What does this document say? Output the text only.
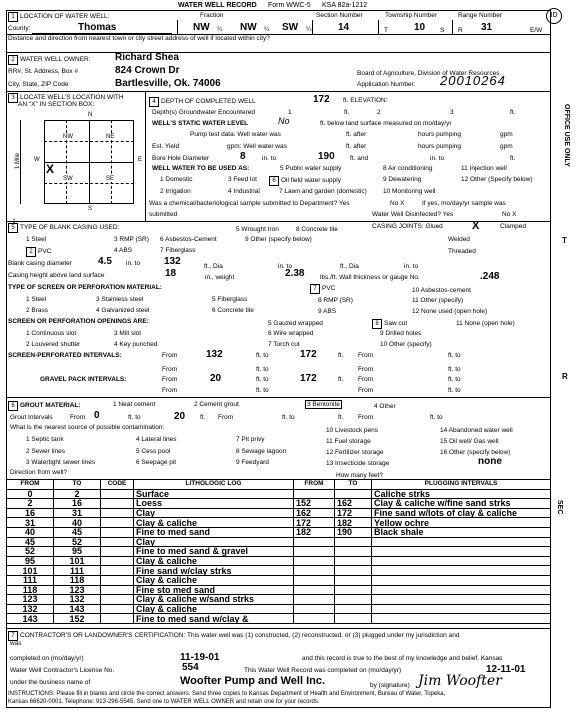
WATER WELL RECORD Form WWC-5 KSA 82a-1212
ID
1 LOCATION OF WATER WELL:	Fraction	Section Number	Township Number	Range Number
County:	Thomas	NW ¼ NW ¼ SW ¼	14	T	10 S R 31	E/W
Distance and direction from nearest town or city street address of well if located within city?
2 WATER WELL OWNER: Richard Shea
RR#, St. Address, Box #	824 Crown Dr
City, State, ZIP Code	Bartlesville, Ok. 74006
Board of Agriculture, Division of Water Resources
Application Number: 20010264
3 LOCATE WELL'S LOCATION WITH
AN "X" IN SECTION BOX:
N
S
W	E
NW	NE
SW	SE
X
1 Mile
↕
4 DEPTH OF COMPLETED WELL	172 ft. ELEVATION:
Depth(s) Groundwater Encountered	1	ft.	2	3	ft.
WELL'S STATIC WATER LEVEL	No	ft. below land surface measured on mo/day/yr
Pump test data: Well water was	ft. after	hours pumping	gpm
Est. Yield	gpm: Well water was	ft. after	hours pumping	gpm
Bore Hole Diameter	8	in. to	190 ft. and	in. to	ft.
WELL WATER TO BE USED AS:	5 Public water supply	8 Air conditioning	11 Injection well
1 Domestic	3 Feed lot	6 Oil field water supply	9 Dewatering	12 Other (Specify below)
2 Irrigation	4 Industrial	7 Lawn and garden (domestic) 10 Monitoring well
Was a chemical/bacteriological sample submitted to Department? Yes	No X	If yes, mo/day/yr sample was
submitted	Water Well Disinfected? Yes	No X
5 TYPE OF BLANK CASING USED:	CASING JOINTS: Glued	X	Clamped
5 Wrought Iron	8 Concrete tile
1 Steel	3 RMP (SR) 6 Asbestos-Cement	9 Other (specify below)	Welded
2 PVC	4 ABS	7 Fiberglass	Threaded
Blank casing diameter	4.5 in. to 132	ft., Dia	in. to	ft., Dia	in. to
Casing height above land surface	18	in., weight	2.38 lbs./ft. Wall thickness or gauge No.	.248
TYPE OF SCREEN OR PERFORATION MATERIAL:	7 PVC	10 Asbestos-cement
1 Steel	3 Stainless steel	5 Fiberglass	8 RMP (SR)	11 Other (specify)
2 Brass	4 Galvanized steel	6 Concrete tile	9 ABS	12 None used (open hole)
SCREEN OR PERFORATION OPENINGS ARE:	5 Gauzed wrapped	8 Saw cut	11 None (open hole)
1 Continuous slot	3 Mill slot	6 Wire wrapped	9 Drilled holes
2 Louvered shutter	4 Key punched	7 Torch cut	10 Other (specify)
SCREEN-PERFORATED INTERVALS:	From	132	ft. to	172	ft. From	ft. to
From	ft. to	From	ft. to
GRAVEL PACK INTERVALS:	From	20	ft. to	172	ft. From	ft. to
From	ft. to	From	ft. to
6 GROUT MATERIAL:	1 Neat cement	2 Cement grout	3 Bentonite	4 Other
Grout Intervals	From 0	ft. to	20 ft. From	ft. to	ft. From	ft. to
What is the nearest source of possible contamination:
1 Septic tank	4 Lateral lines	7 Pit privy
10 Livestock pens	14 Abandoned water well
2 Sewer lines	5 Cess pool	8 Sewage lagoon
11 Fuel storage	15 Oil well/ Gas well
3 Watertight sewer lines	6 Seepage pit	9 Feedyard
12 Fertilizer storage	16 Other (specify below)
13 Insecticide storage	none
Direction from well?	How many feet?
FROM	TO	CODE	LITHOLOGIC LOG	FROM	TO	PLUGGING INTERVALS
0	2		Surface			Caliche strks
2	16		Loess	152	162	Clay & caliche w/fine sand strks
16	31		Clay	162	172	Fine sand w/lots of clay & caliche
31	40		Clay & caliche	172	182	Yellow ochre
40	45		Fine to med sand	182	190	Black shale
45	52		Clay			
52	95		Fine to med sand & gravel			
95	101		Clay & caliche			
101	111		Fine sand w/clay strks			
111	118		Clay & caliche			
118	123		Fine sto med sand			
123	132		Clay & caliche w/sand strks			
132	143		Clay & caliche			
143	152		Fine to med sand w/clay &			
7 CONTRACTOR'S OR LANDOWNER'S CERTIFICATION: This water well was (1) constructed, (2) reconstructed, or (3) plugged under my jurisdiction and
was
completed on (mo/day/yr)	11-19-01	and this record is true to the best of my knowledge and belief. Kansas
Water Well Contractor's License No.	554	This Water Well Record was completed on (mo/day/yr)	12-11-01
under the business name of	Woofter Pump and Well Inc.	by (signature) Jim Woofter
INSTRUCTIONS: Please fill in blanks and circle the correct answers. Send three copies to Kansas Department of Health and Environment, Bureau of Water, Topeka,
Kansas 66620-0001. Telephone: 913-296-5545. Send one to WATER WELL OWNER and retain one for your records.
OFFICE USE ONLY
T
R
SEC
